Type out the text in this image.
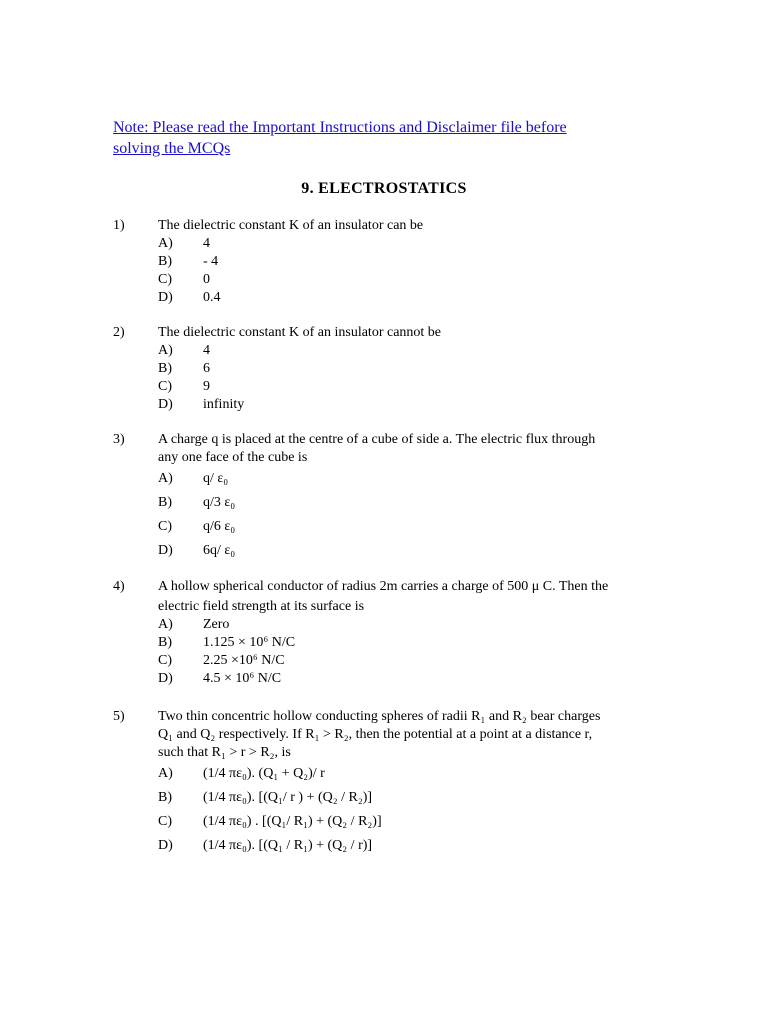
Note: Please read the Important Instructions and Disclaimer file before
solving the MCQs
9. ELECTROSTATICS
1) The dielectric constant K of an insulator can be
A) 4
B) - 4
C) 0
D) 0.4
2) The dielectric constant K of an insulator cannot be
A) 4
B) 6
C) 9
D) infinity
3) A charge q is placed at the centre of a cube of side a. The electric flux through
any one face of the cube is
A) q/ ε₀
B) q/3 ε₀
C) q/6 ε₀
D) 6q/ ε₀
4) A hollow spherical conductor of radius 2m carries a charge of 500 μ C. Then the
electric field strength at its surface is
A) Zero
B) 1.125 × 10⁶ N/C
C) 2.25 ×10⁶ N/C
D) 4.5 × 10⁶ N/C
5) Two thin concentric hollow conducting spheres of radii R₁ and R₂ bear charges
Q₁ and Q₂ respectively. If R₁ > R₂, then the potential at a point at a distance r,
such that R₁ > r > R₂, is
A) (1/4 πε₀). (Q₁ + Q₂)/ r
B) (1/4 πε₀). [(Q₁/ r ) + (Q₂ / R₂)]
C) (1/4 πε₀) . [(Q₁/ R₁) + (Q₂ / R₂)]
D) (1/4 πε₀). [(Q₁ / R₁) + (Q₂ / r)]
